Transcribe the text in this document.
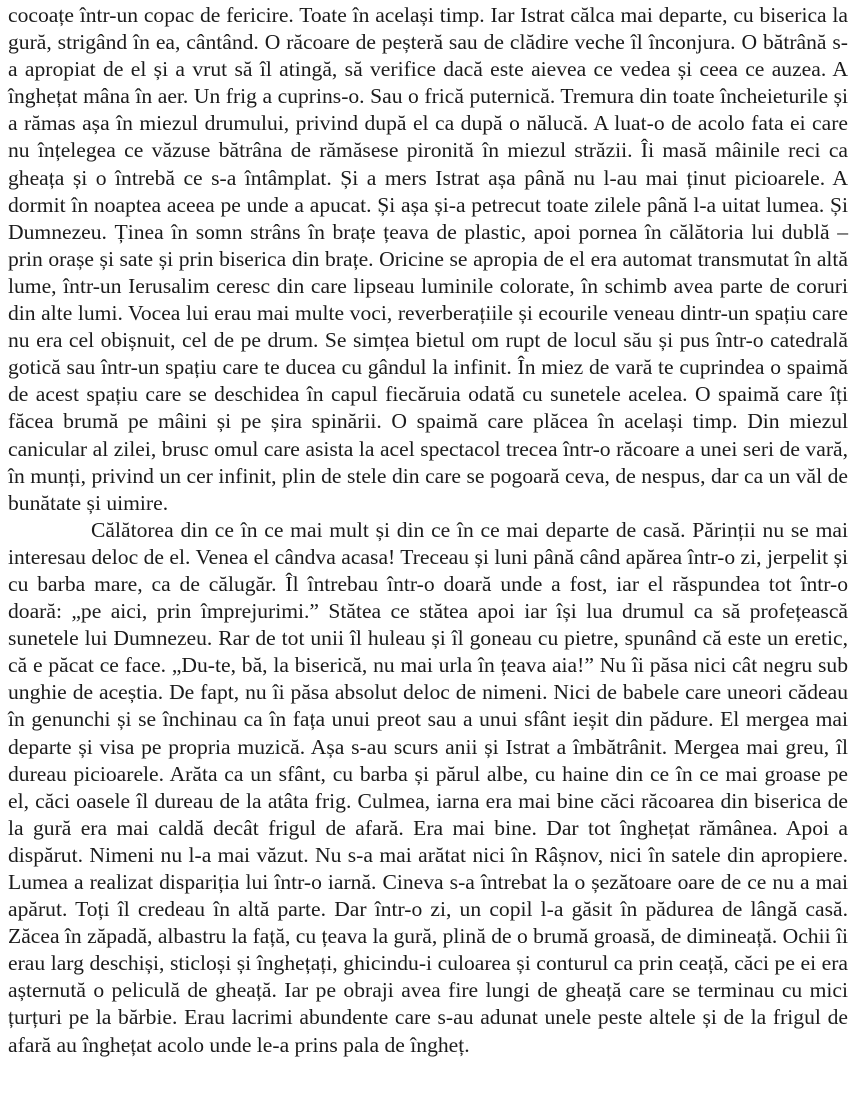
cocoațe într-un copac de fericire. Toate în același timp. Iar Istrat călca mai departe, cu biserica la gură, strigând în ea, cântând. O răcoare de peșteră sau de clădire veche îl înconjura. O bătrână s-a apropiat de el și a vrut să îl atingă, să verifice dacă este aievea ce vedea și ceea ce auzea. A înghețat mâna în aer. Un frig a cuprins-o. Sau o frică puternică. Tremura din toate încheieturile și a rămas așa în miezul drumului, privind după el ca după o nălucă. A luat-o de acolo fata ei care nu înțelegea ce văzuse bătrâna de rămăsese pironită în miezul străzii. Îi masă mâinile reci ca gheața și o întrebă ce s-a întâmplat. Și a mers Istrat așa până nu l-au mai ținut picioarele. A dormit în noaptea aceea pe unde a apucat. Și așa și-a petrecut toate zilele până l-a uitat lumea. Și Dumnezeu. Ținea în somn strâns în brațe țeava de plastic, apoi pornea în călătoria lui dublă – prin orașe și sate și prin biserica din brațe. Oricine se apropia de el era automat transmutat în altă lume, într-un Ierusalim ceresc din care lipseau luminile colorate, în schimb avea parte de coruri din alte lumi. Vocea lui erau mai multe voci, reverberațiile și ecourile veneau dintr-un spațiu care nu era cel obișnuit, cel de pe drum. Se simțea bietul om rupt de locul său și pus într-o catedrală gotică sau într-un spațiu care te ducea cu gândul la infinit. În miez de vară te cuprindea o spaimă de acest spațiu care se deschidea în capul fiecăruia odată cu sunetele acelea. O spaimă care îți făcea brumă pe mâini și pe șira spinării. O spaimă care plăcea în același timp. Din miezul canicular al zilei, brusc omul care asista la acel spectacol trecea într-o răcoare a unei seri de vară, în munți, privind un cer infinit, plin de stele din care se pogoară ceva, de nespus, dar ca un văl de bunătate și uimire.

Călătorea din ce în ce mai mult și din ce în ce mai departe de casă. Părinții nu se mai interesau deloc de el. Venea el cândva acasa! Treceau și luni până când apărea într-o zi, jerpelit și cu barba mare, ca de călugăr. Îl întrebau într-o doară unde a fost, iar el răspundea tot într-o doară: „pe aici, prin împrejurimi.” Stătea ce stătea apoi iar își lua drumul ca să profețească sunetele lui Dumnezeu. Rar de tot unii îl huleau și îl goneau cu pietre, spunând că este un eretic, că e păcat ce face. „Du-te, bă, la biserică, nu mai urla în țeava aia!” Nu îi păsa nici cât negru sub unghie de aceștia. De fapt, nu îi păsa absolut deloc de nimeni. Nici de babele care uneori cădeau în genunchi și se închinau ca în fața unui preot sau a unui sfânt ieșit din pădure. El mergea mai departe și visa pe propria muzică. Așa s-au scurs anii și Istrat a îmbătrânit. Mergea mai greu, îl dureau picioarele. Arăta ca un sfânt, cu barba și părul albe, cu haine din ce în ce mai groase pe el, căci oasele îl dureau de la atâta frig. Culmea, iarna era mai bine căci răcoarea din biserica de la gură era mai caldă decât frigul de afară. Era mai bine. Dar tot înghețat rămânea. Apoi a dispărut. Nimeni nu l-a mai văzut. Nu s-a mai arătat nici în Râșnov, nici în satele din apropiere. Lumea a realizat dispariția lui într-o iarnă. Cineva s-a întrebat la o șezătoare oare de ce nu a mai apărut. Toți îl credeau în altă parte. Dar într-o zi, un copil l-a găsit în pădurea de lângă casă. Zăcea în zăpadă, albastru la față, cu țeava la gură, plină de o brumă groasă, de dimineață. Ochii îi erau larg deschiși, sticloși și înghețați, ghicindu-i culoarea și conturul ca prin ceață, căci pe ei era așternută o peliculă de gheață. Iar pe obraji avea fire lungi de gheață care se terminau cu mici țurțuri pe la bărbie. Erau lacrimi abundente care s-au adunat unele peste altele și de la frigul de afară au înghețat acolo unde le-a prins pala de îngheț.
